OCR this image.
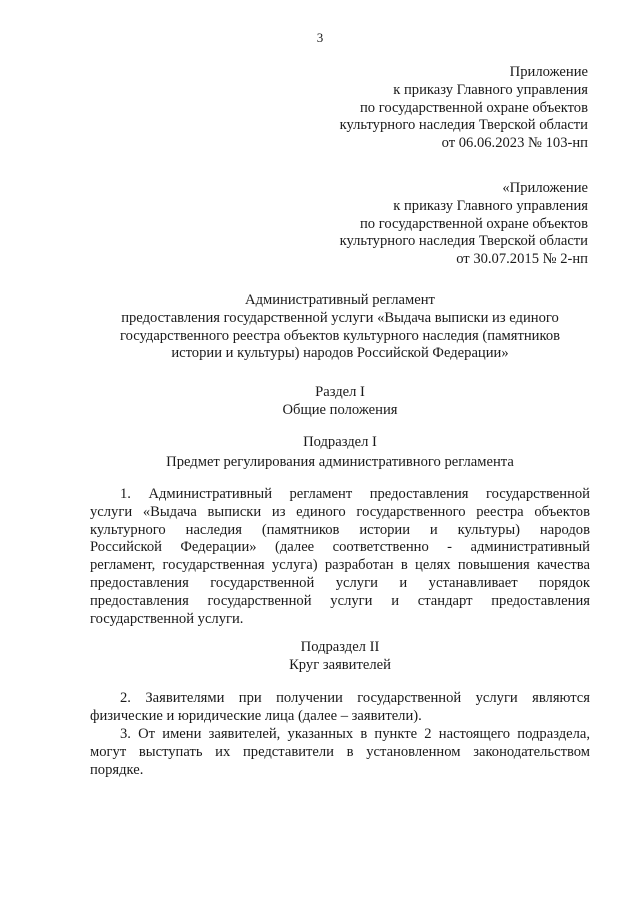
3
Приложение
к приказу Главного управления
по государственной охране объектов
культурного наследия Тверской области
от 06.06.2023 № 103-нп
«Приложение
к приказу Главного управления
по государственной охране объектов
культурного наследия Тверской области
от 30.07.2015 № 2-нп
Административный регламент
предоставления государственной услуги «Выдача выписки из единого
государственного реестра объектов культурного наследия (памятников
истории и культуры) народов Российской Федерации»
Раздел I
Общие положения
Подраздел I
Предмет регулирования административного регламента
1. Административный регламент предоставления государственной
услуги «Выдача выписки из единого государственного реестра объектов
культурного наследия (памятников истории и культуры) народов
Российской Федерации» (далее соответственно - административный
регламент, государственная услуга) разработан в целях повышения качества
предоставления государственной услуги и устанавливает порядок
предоставления государственной услуги и стандарт предоставления
государственной услуги.
Подраздел II
Круг заявителей
2. Заявителями при получении государственной услуги являются
физические и юридические лица (далее – заявители).
3. От имени заявителей, указанных в пункте 2 настоящего подраздела,
могут выступать их представители в установленном законодательством
порядке.
